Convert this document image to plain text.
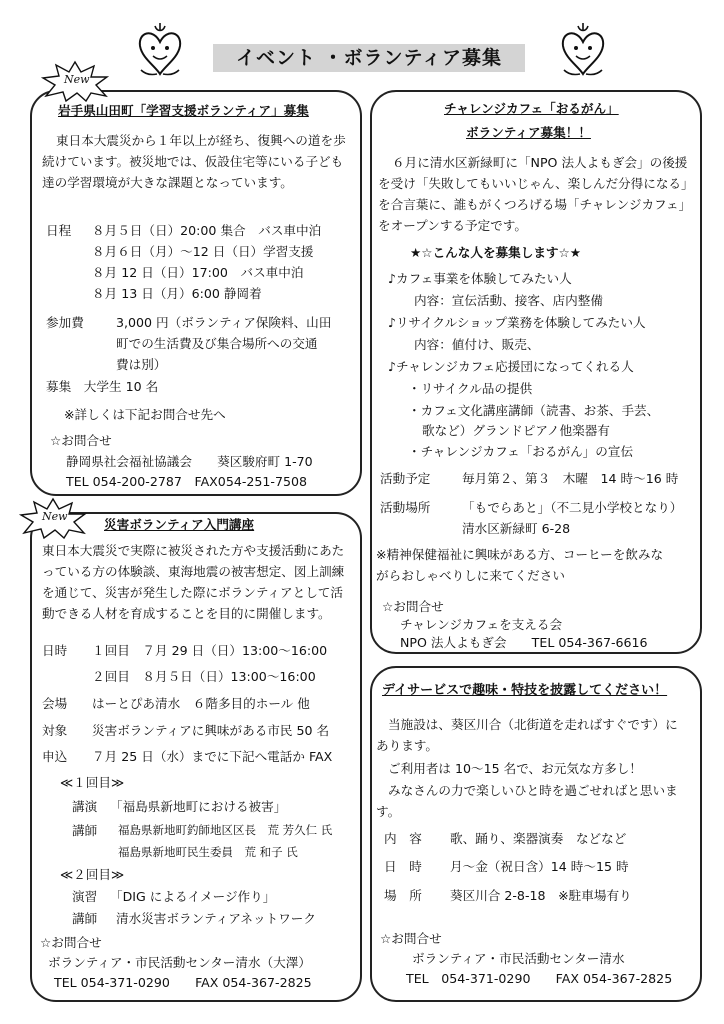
イベント ・ボランティア募集
New
岩手県山田町「学習支援ボランティア」募集
東日本大震災から１年以上が経ち、復興への道を歩続けています。被災地では、仮設住宅等にいる子ども達の学習環境が大きな課題となっています。
日程 ８月５日（日）20:00 集合　バス車中泊
８月６日（月）～12 日（日）学習支援
８月 12 日（日）17:00　バス車中泊
８月 13 日（月）6:00 静岡着
参加費	3,000 円（ボランティア保険料、山田
町での生活費及び集合場所への交通
費は別）
募集　大学生 10 名
※詳しくは下記お問合せ先へ
☆お問合せ
静岡県社会福祉協議会　　葵区駿府町 1-70
TEL 054-200-2787　FAX054-251-7508
New
災害ボランティア入門講座
東日本大震災で実際に被災された方や支援活動にあたっている方の体験談、東海地震の被害想定、図上訓練を通じて、災害が発生した際にボランティアとして活動できる人材を育成することを目的に開催します。
日時 １回目　７月 29 日（日）13:00～16:00
２回目　８月５日（日）13:00～16:00
会場 はーとぴあ清水　６階多目的ホール 他
対象 災害ボランティアに興味がある市民 50 名
申込 ７月 25 日（水）までに下記へ電話か FAX
≪１回目≫
講演 「福島県新地町における被害」
講師 福島県新地町釣師地区区長　荒 芳久仁 氏
福島県新地町民生委員　荒 和子 氏
≪２回目≫
演習 「DIG によるイメージ作り」
講師 清水災害ボランティアネットワーク
☆お問合せ
ボランティア・市民活動センター清水（大澤）
TEL 054-371-0290　　FAX 054-367-2825
チャレンジカフェ「おるがん」
ボランティア募集！！
６月に清水区新緑町に「NPO 法人よもぎ会」の後援を受け「失敗してもいいじゃん、楽しんだ分得になる」を合言葉に、誰もがくつろげる場「チャレンジカフェ」をオープンする予定です。
★☆こんな人を募集します☆★
♪カフェ事業を体験してみたい人
内容：宣伝活動、接客、店内整備
♪リサイクルショップ業務を体験してみたい人
内容：値付け、販売、
♪チャレンジカフェ応援団になってくれる人
・リサイクル品の提供
・カフェ文化講座講師（読書、お茶、手芸、
歌など）グランドピアノ他楽器有
・チャレンジカフェ「おるがん」の宣伝
活動予定	毎月第２、第３　木曜　14 時～16 時
活動場所	「もでらあと」（不二見小学校となり）
清水区新緑町 6-28
※精神保健福祉に興味がある方、コーヒーを飲みながらおしゃべりしに来てください
☆お問合せ
チャレンジカフェを支える会
NPO 法人よもぎ会　　TEL 054-367-6616
デイサービスで趣味・特技を披露してください！
当施設は、葵区川合（北街道を走ればすぐです）にあります。
ご利用者は 10～15 名で、お元気な方多し！
みなさんの力で楽しいひと時を過ごせればと思います。
内　容 歌、踊り、楽器演奏　などなど
日　時 月～金（祝日含）14 時～15 時
場　所 葵区川合 2-8-18　※駐車場有り
☆お問合せ
ボランティア・市民活動センター清水
TEL　054-371-0290　　FAX 054-367-2825
